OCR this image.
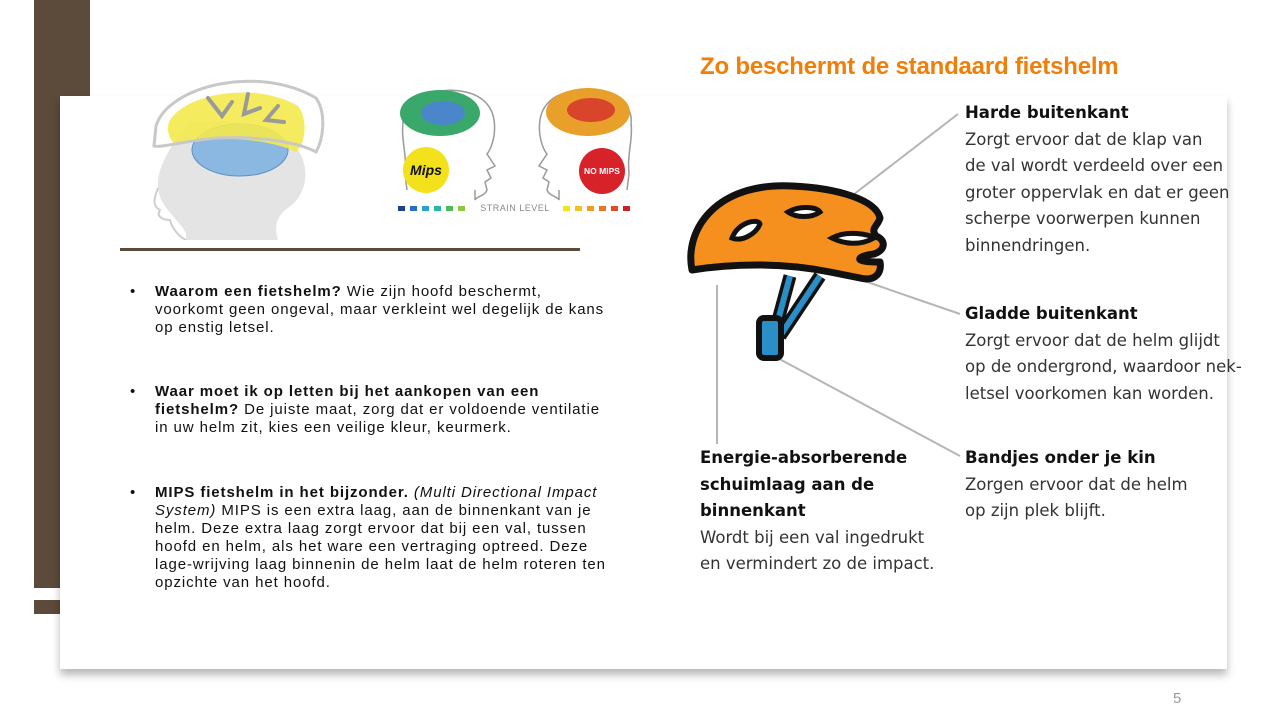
Mips	NO MIPS
STRAIN LEVEL
• Waarom een fietshelm? Wie zijn hoofd beschermt, voorkomt geen ongeval, maar verkleint wel degelijk de kans op enstig letsel.
• Waar moet ik op letten bij het aankopen van een fietshelm? De juiste maat, zorg dat er voldoende ventilatie in uw helm zit, kies een veilige kleur, keurmerk.
• MIPS fietshelm in het bijzonder. (Multi Directional Impact System) MIPS is een extra laag, aan de binnenkant van je helm. Deze extra laag zorgt ervoor dat bij een val, tussen hoofd en helm, als het ware een vertraging optreed. Deze lage-wrijving laag binnenin de helm laat de helm roteren ten opzichte van het hoofd.
Zo beschermt de standaard fietshelm
Harde buitenkant
Zorgt ervoor dat de klap van
de val wordt verdeeld over een
groter oppervlak en dat er geen
scherpe voorwerpen kunnen
binnendringen.
Gladde buitenkant
Zorgt ervoor dat de helm glijdt
op de ondergrond, waardoor nek-
letsel voorkomen kan worden.
Bandjes onder je kin
Zorgen ervoor dat de helm
op zijn plek blijft.
Energie-absorberende
schuimlaag aan de
binnenkant
Wordt bij een val ingedrukt
en vermindert zo de impact.
5
